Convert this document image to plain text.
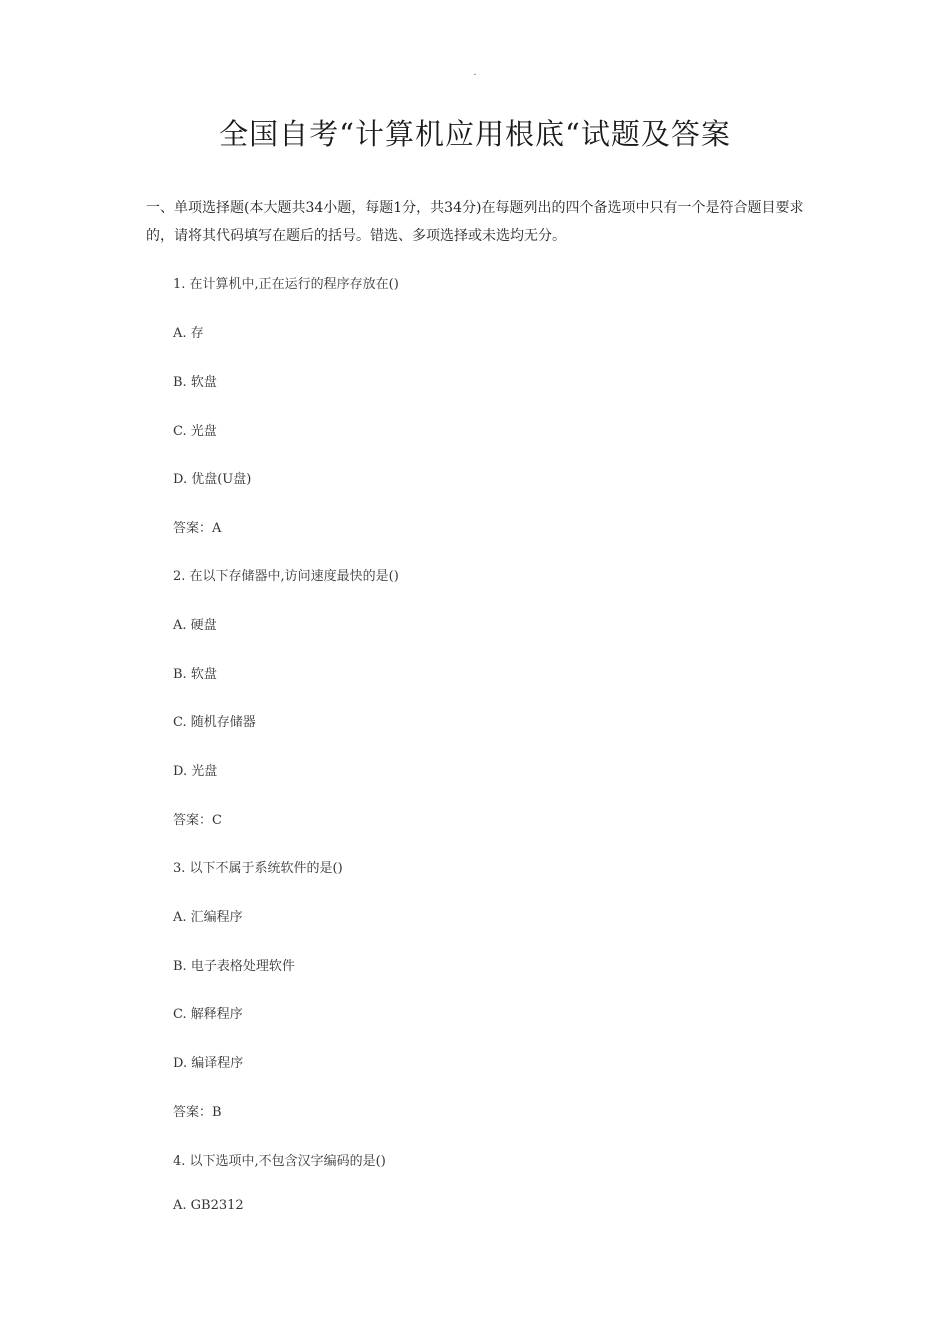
·
全国自考“计算机应用根底“试题及答案
一、单项选择题(本大题共34小题，每题1分，共34分)在每题列出的四个备选项中只有一个是符合题目要求的，请将其代码填写在题后的括号。错选、多项选择或未选均无分。
1. 在计算机中,正在运行的程序存放在()
A. 存
B. 软盘
C. 光盘
D. 优盘(U盘)
答案：A
2. 在以下存储器中,访问速度最快的是()
A. 硬盘
B. 软盘
C. 随机存储器
D. 光盘
答案：C
3. 以下不属于系统软件的是()
A. 汇编程序
B. 电子表格处理软件
C. 解释程序
D. 编译程序
答案：B
4. 以下选项中,不包含汉字编码的是()
A. GB2312
